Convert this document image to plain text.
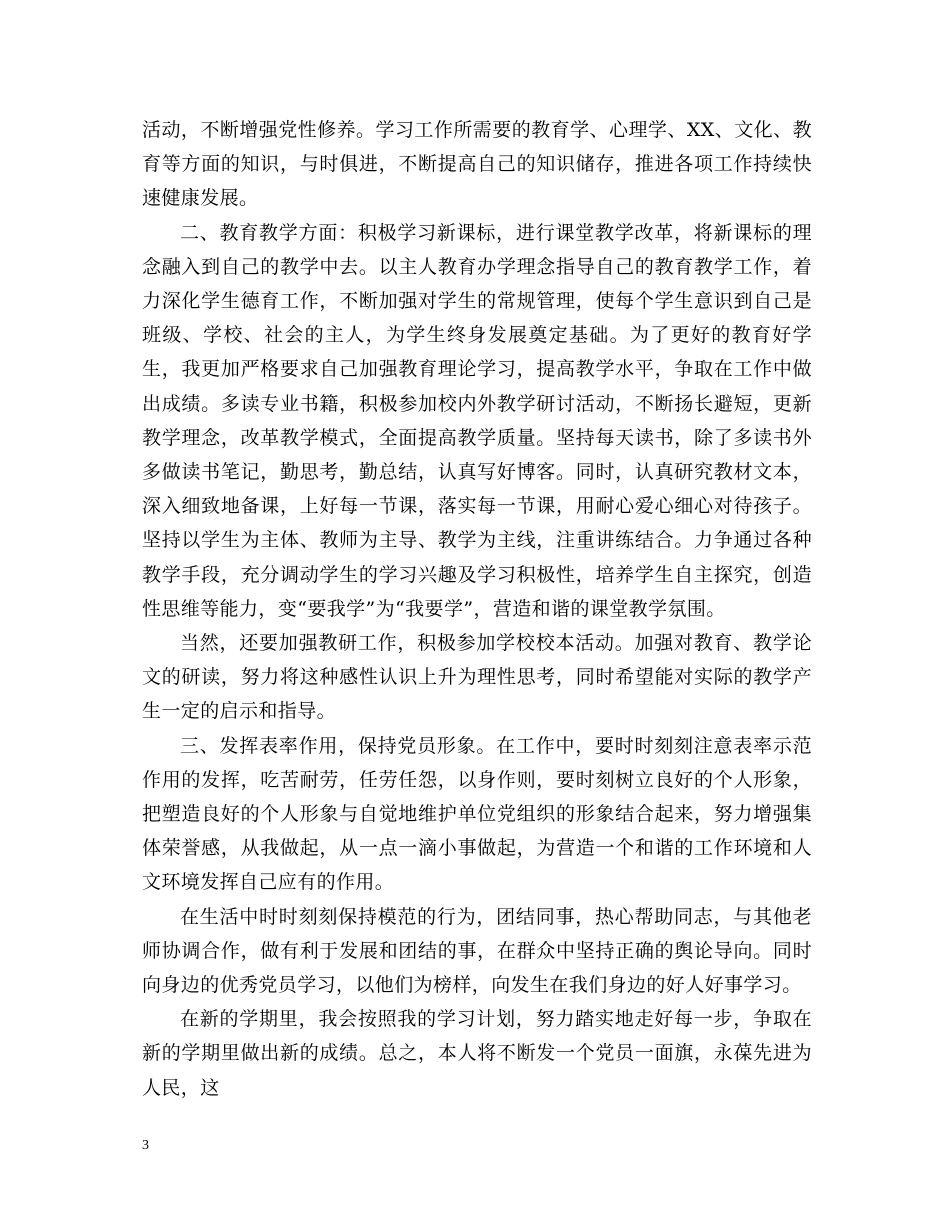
活动，不断增强党性修养。学习工作所需要的教育学、心理学、XX、文化、教育等方面的知识，与时俱进，不断提高自己的知识储存，推进各项工作持续快速健康发展。

二、教育教学方面：积极学习新课标，进行课堂教学改革，将新课标的理念融入到自己的教学中去。以主人教育办学理念指导自己的教育教学工作，着力深化学生德育工作，不断加强对学生的常规管理，使每个学生意识到自己是班级、学校、社会的主人，为学生终身发展奠定基础。为了更好的教育好学生，我更加严格要求自己加强教育理论学习，提高教学水平，争取在工作中做出成绩。多读专业书籍，积极参加校内外教学研讨活动，不断扬长避短，更新教学理念，改革教学模式，全面提高教学质量。坚持每天读书，除了多读书外多做读书笔记，勤思考，勤总结，认真写好博客。同时，认真研究教材文本，深入细致地备课，上好每一节课，落实每一节课，用耐心爱心细心对待孩子。坚持以学生为主体、教师为主导、教学为主线，注重讲练结合。力争通过各种教学手段，充分调动学生的学习兴趣及学习积极性，培养学生自主探究，创造性思维等能力，变“要我学”为“我要学”，营造和谐的课堂教学氛围。

当然，还要加强教研工作，积极参加学校校本活动。加强对教育、教学论文的研读，努力将这种感性认识上升为理性思考，同时希望能对实际的教学产生一定的启示和指导。

三、发挥表率作用，保持党员形象。在工作中，要时时刻刻注意表率示范作用的发挥，吃苦耐劳，任劳任怨，以身作则，要时刻树立良好的个人形象，把塑造良好的个人形象与自觉地维护单位党组织的形象结合起来，努力增强集体荣誉感，从我做起，从一点一滴小事做起，为营造一个和谐的工作环境和人文环境发挥自己应有的作用。

在生活中时时刻刻保持模范的行为，团结同事，热心帮助同志，与其他老师协调合作，做有利于发展和团结的事，在群众中坚持正确的舆论导向。同时向身边的优秀党员学习，以他们为榜样，向发生在我们身边的好人好事学习。

在新的学期里，我会按照我的学习计划，努力踏实地走好每一步，争取在新的学期里做出新的成绩。总之，本人将不断发一个党员一面旗，永葆先进为人民，这

3
